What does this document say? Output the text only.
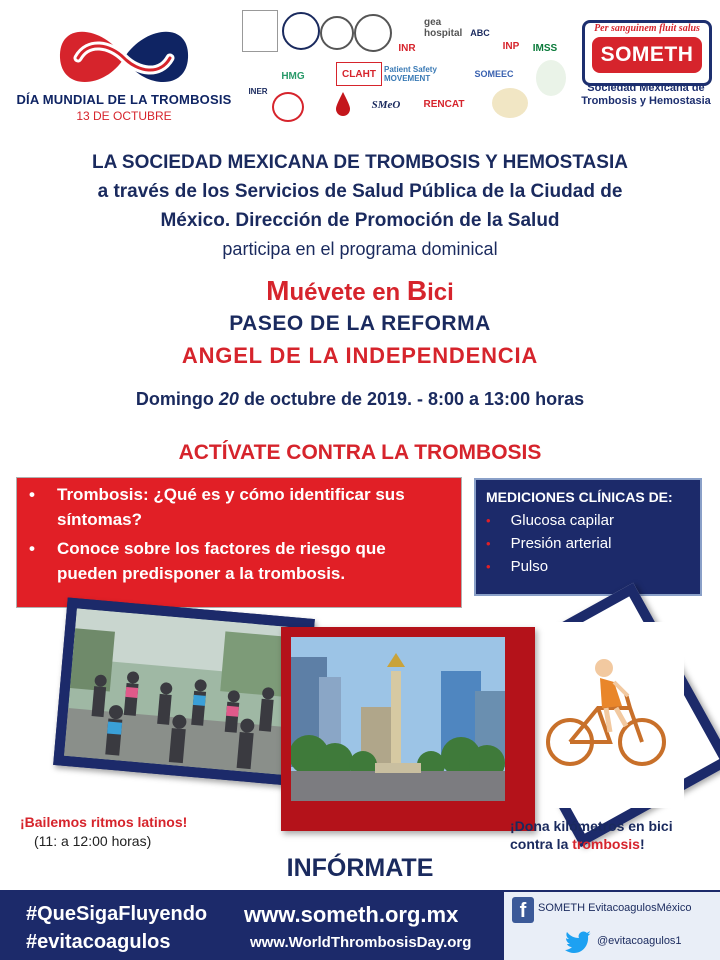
DÍA MUNDIAL DE LA TROMBOSIS
13 DE OCTUBRE
INR
gea hospital ABC
INP IMSS
INER
HMG	CLAHT Patient Safety MOVEMENT	SOMEEC
SMeO RENCAT
Per sanguinem fluit salus
SOMETH
Sociedad Mexicana de Trombosis y Hemostasia
LA SOCIEDAD MEXICANA DE TROMBOSIS Y HEMOSTASIA
a través de los Servicios de Salud Pública de la Ciudad de
México. Dirección de Promoción de la Salud
participa en el programa dominical
Muévete en Bici
PASEO DE LA REFORMA
ANGEL DE LA INDEPENDENCIA
Domingo 20 de octubre de 2019. - 8:00 a 13:00 horas
ACTÍVATE CONTRA LA TROMBOSIS
• Trombosis: ¿Qué es y cómo identificar sus síntomas?
• Conoce sobre los factores de riesgo que pueden predisponer a la trombosis.
MEDICIONES CLÍNICAS DE:
• Glucosa capilar
• Presión arterial
• Pulso
¡Bailemos ritmos latinos!
(11: a 12:00 horas)
¡Dona kilómetros en bici
contra la trombosis!
INFÓRMATE
#QueSigaFluyendo
#evitacoagulos
www.someth.org.mx
www.WorldThrombosisDay.org
f	SOMETH EvitacoagulosMéxico
@evitacoagulos1
